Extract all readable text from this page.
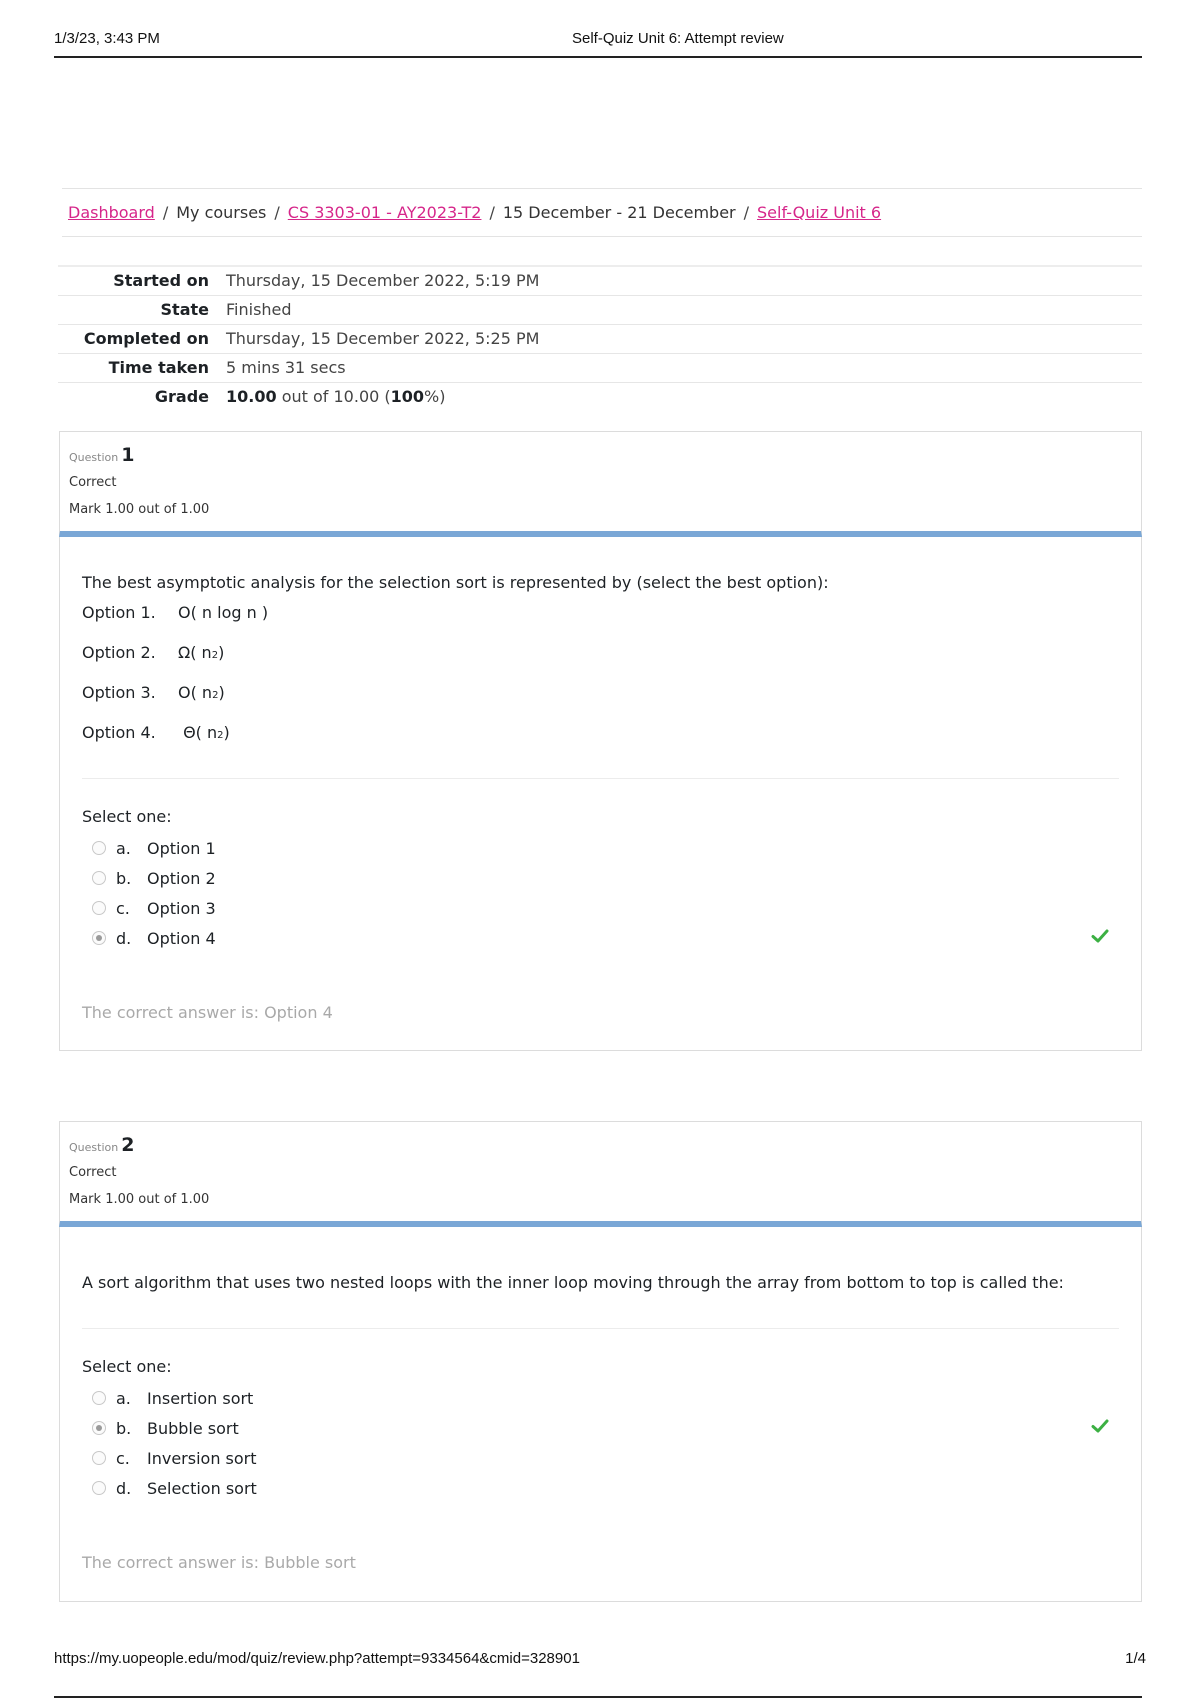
1/3/23, 3:43 PM	Self-Quiz Unit 6: Attempt review
Dashboard / My courses / CS 3303-01 - AY2023-T2 / 15 December - 21 December / Self-Quiz Unit 6
Started on	Thursday, 15 December 2022, 5:19 PM
State	Finished
Completed on	Thursday, 15 December 2022, 5:25 PM
Time taken	5 mins 31 secs
Grade	10.00 out of 10.00 (100%)
Question 1
Correct
Mark 1.00 out of 1.00
The best asymptotic analysis for the selection sort is represented by (select the best option):
Option 1.	O( n log n )
Option 2.	Ω( n 2 )
Option 3.	O( n 2 )
Option 4.	Θ( n 2 )
Select one:
a.	Option 1
b. Option 2
c.	Option 3
d. Option 4
The correct answer is: Option 4
Question 2
Correct
Mark 1.00 out of 1.00
A sort algorithm that uses two nested loops with the inner loop moving through the array from bottom to top is called the:
Select one:
a.	Insertion sort
b. Bubble sort
c.	Inversion sort
d. Selection sort
The correct answer is: Bubble sort
https://my.uopeople.edu/mod/quiz/review.php?attempt=9334564&cmid=328901	1/4
